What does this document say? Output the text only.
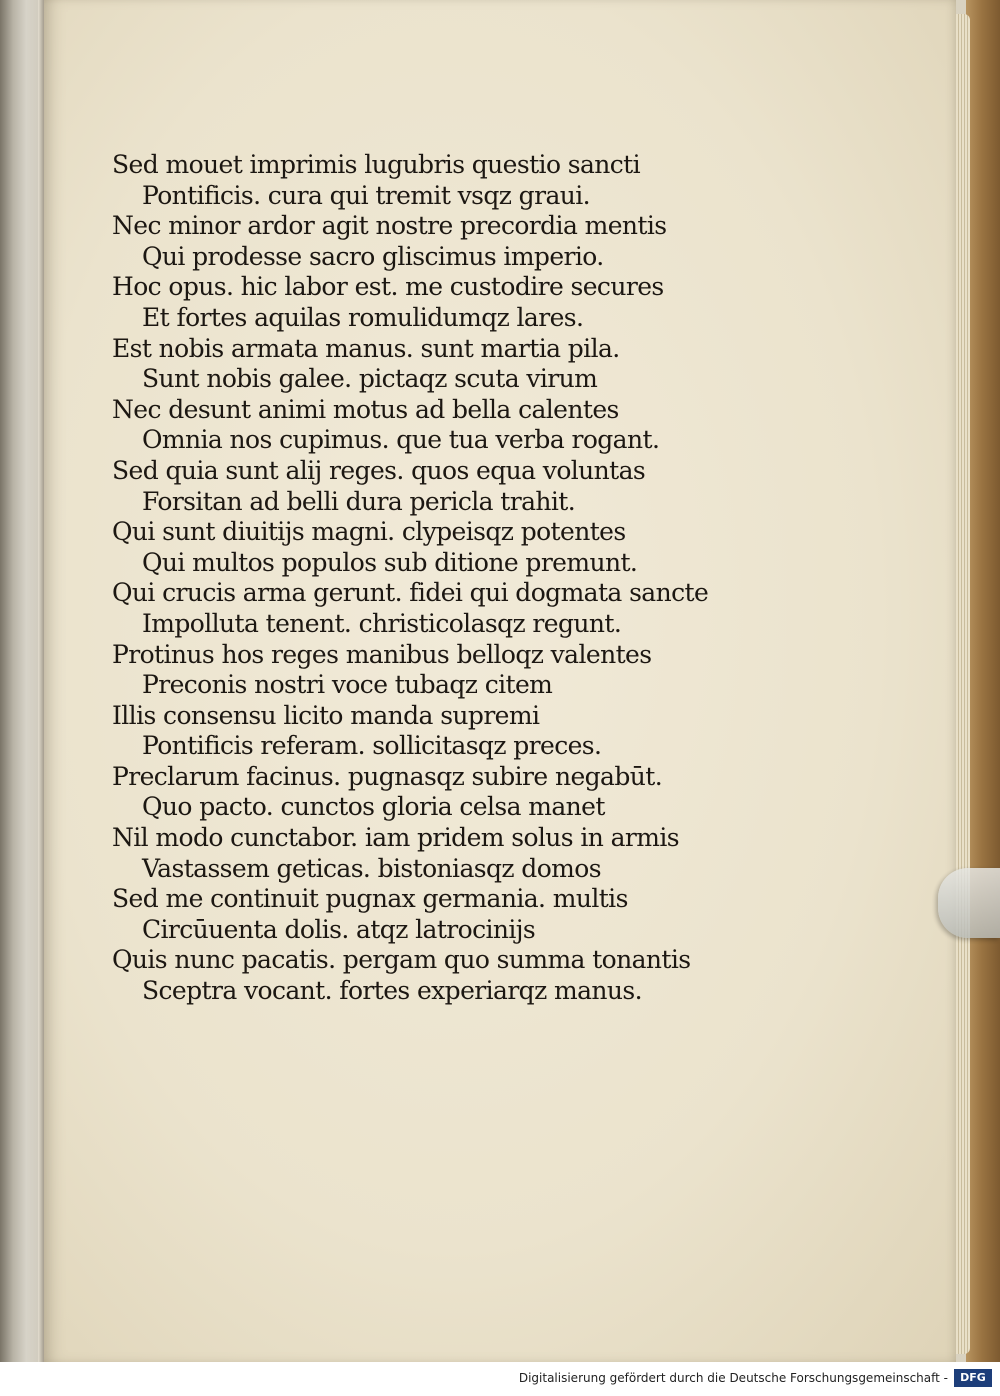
Sed mouet imprimis lugubris questio sancti
Pontificis. cura qui tremit vsqz graui.
Nec minor ardor agit nostre precordia mentis
Qui prodesse sacro gliscimus imperio.
Hoc opus. hic labor est. me custodire secures
Et fortes aquilas romulidumqz lares.
Est nobis armata manus. sunt martia pila.
Sunt nobis galee. pictaqz scuta virum
Nec desunt animi motus ad bella calentes
Omnia nos cupimus. que tua verba rogant.
Sed quia sunt alij reges. quos equa voluntas
Forsitan ad belli dura pericla trahit.
Qui sunt diuitijs magni. clypeisqz potentes
Qui multos populos sub ditione premunt.
Qui crucis arma gerunt. fidei qui dogmata sancte
Impolluta tenent. christicolasqz regunt.
Protinus hos reges manibus belloqz valentes
Preconis nostri voce tubaqz citem
Illis consensu licito manda supremi
Pontificis referam. sollicitasqz preces.
Preclarum facinus. pugnasqz subire negabūt.
Quo pacto. cunctos gloria celsa manet
Nil modo cunctabor. iam pridem solus in armis
Vastassem geticas. bistoniasqz domos
Sed me continuit pugnax germania. multis
Circūuenta dolis. atqz latrocinijs
Quis nunc pacatis. pergam quo summa tonantis
Sceptra vocant. fortes experiarqz manus.
Digitalisierung gefördert durch die Deutsche Forschungsgemeinschaft -	DFG
